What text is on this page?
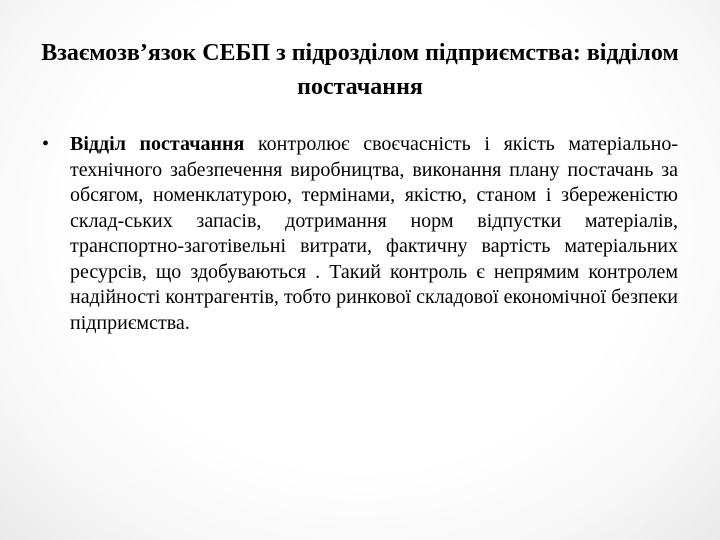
Взаємозв’язок СЕБП з підрозділом підприємства: відділом постачання
•	Відділ постачання контролює своєчасність і якість матеріально-технічного забезпечення виробництва, виконання плану постачань за обсягом, номенклатурою, термінами, якістю, станом і збереженістю склад-ських запасів, дотримання норм відпустки матеріалів, транспортно-заготівельні витрати, фактичну вартість матеріальних ресурсів, що здобуваються . Такий контроль є непрямим контролем надійності контрагентів, тобто ринкової складової економічної безпеки підприємства.
